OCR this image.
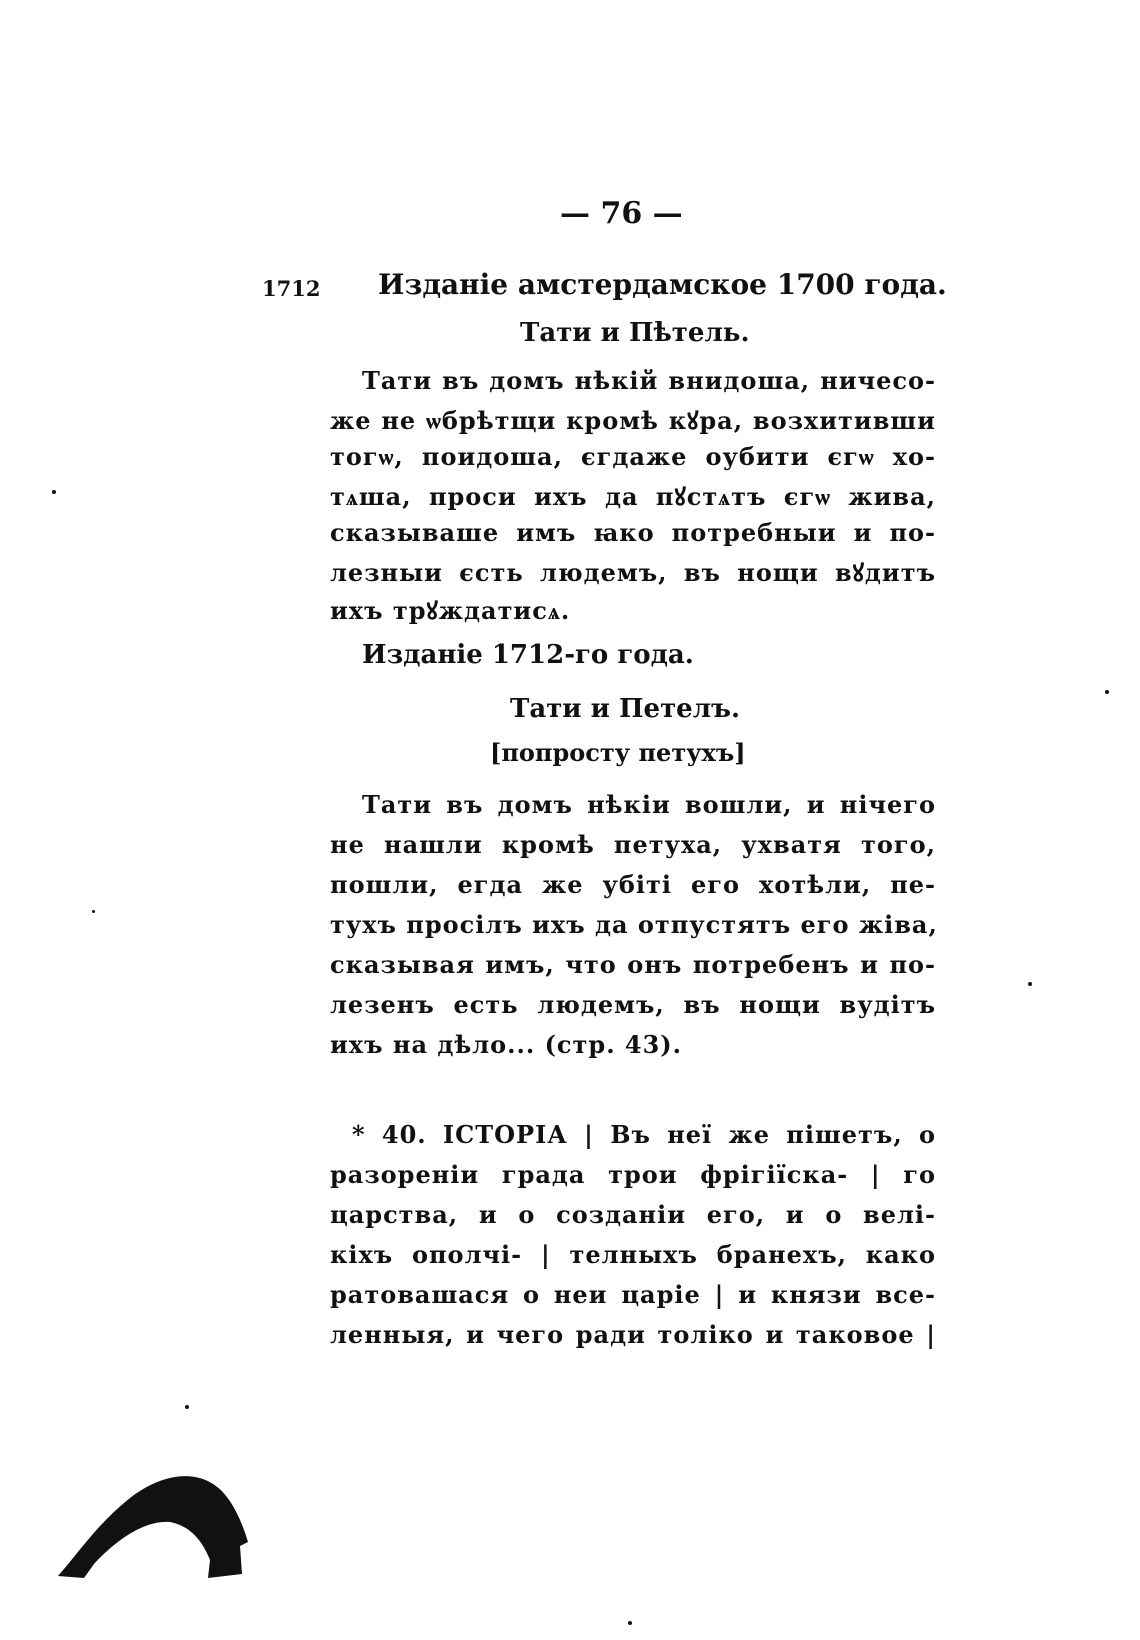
— 76 —

1712 Изданіе амстердамское 1700 года.

Тати и Пѣтель.

Тати въ домъ нѣкій внидоша, ничесо-

же не ѡбрѣтщи кромѣ кꙋра, возхитивши

тогѡ, поидоша, єгдаже оубити єгѡ хо-

тѧша, проси ихъ да пꙋстѧтъ єгѡ жива,

сказываше имъ ꙗко потребныи и по-

лезныи єсть людемъ, въ нощи вꙋдитъ

ихъ трꙋждатисѧ.

Изданіе 1712-го года.

Тати и Петелъ.

[попросту петухъ]

Тати въ домъ нѣкіи вошли, и нічего

не нашли кромѣ петуха, ухватя того,

пошли, егда же убіті его хотѣли, пе-

тухъ просілъ ихъ да отпустятъ его жіва,

сказывая имъ, что онъ потребенъ и по-

лезенъ есть людемъ, въ нощи вудітъ

ихъ на дѣло... (стр. 43).

* 40. ІСТОРІА | Въ неї же пішетъ, о

разореніи града трои фрігіїска- | го

царства, и о созданіи его, и о велі-

кіхъ ополчі- | телныхъ бранехъ, како

ратовашася о неи царіе | и князи все-

ленныя, и чего ради толіко и таковое |
